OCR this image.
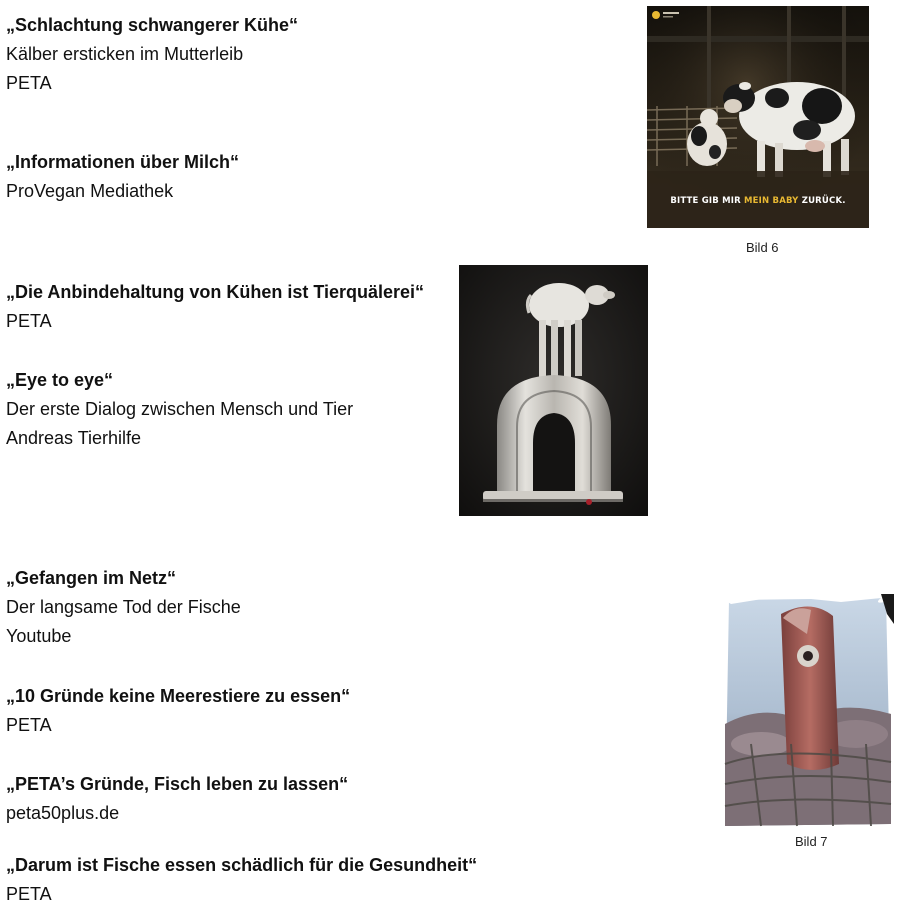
„Schlachtung schwangerer Kühe“
Kälber ersticken im Mutterleib
PETA
„Informationen über Milch“
ProVegan Mediathek
„Die Anbindehaltung von Kühen ist Tierquälerei“
PETA
„Eye to eye“
Der erste Dialog zwischen Mensch und Tier
Andreas Tierhilfe
„Gefangen im Netz“
Der langsame Tod der Fische
Youtube
„10 Gründe keine Meerestiere zu essen“
PETA
„PETA’s Gründe, Fisch leben zu lassen“
peta50plus.de
„Darum ist Fische essen schädlich für die Gesundheit“
PETA
BITTE GIB MIR MEIN BABY ZURÜCK.
Bild 6
Bild 7
